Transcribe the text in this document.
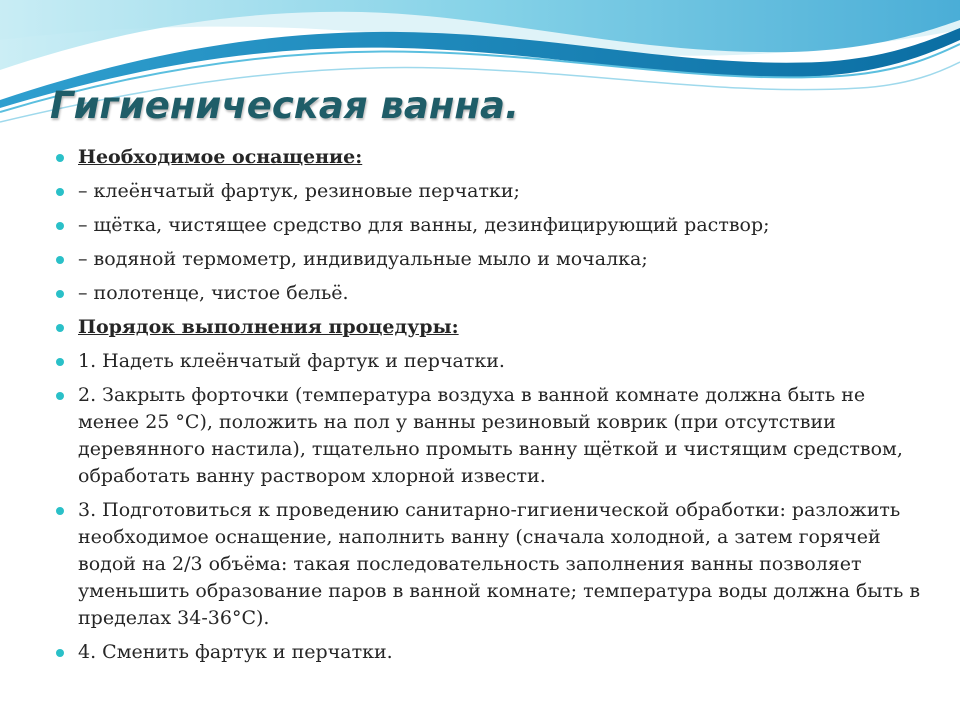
Гигиеническая ванна.
Необходимое оснащение:
– клеёнчатый фартук, резиновые перчатки;
– щётка, чистящее средство для ванны, дезинфицирующий раствор;
– водяной термометр, индивидуальные мыло и мочалка;
– полотенце, чистое бельё.
Порядок выполнения процедуры:
1. Надеть клеёнчатый фартук и перчатки.
2. Закрыть форточки (температура воздуха в ванной комнате должна быть не менее 25 °С), положить на пол у ванны резиновый коврик (при отсутствии деревянного настила), тщательно промыть ванну щёткой и чистящим средством, обработать ванну раствором хлорной извести.
3. Подготовиться к проведению санитарно-гигиенической обработки: разложить необходимое оснащение, наполнить ванну (сначала холодной, а затем горячей водой на 2/3 объёма: такая последовательность заполнения ванны позволяет уменьшить образование паров в ванной комнате; температура воды должна быть в пределах 34-36°С).
4. Сменить фартук и перчатки.
